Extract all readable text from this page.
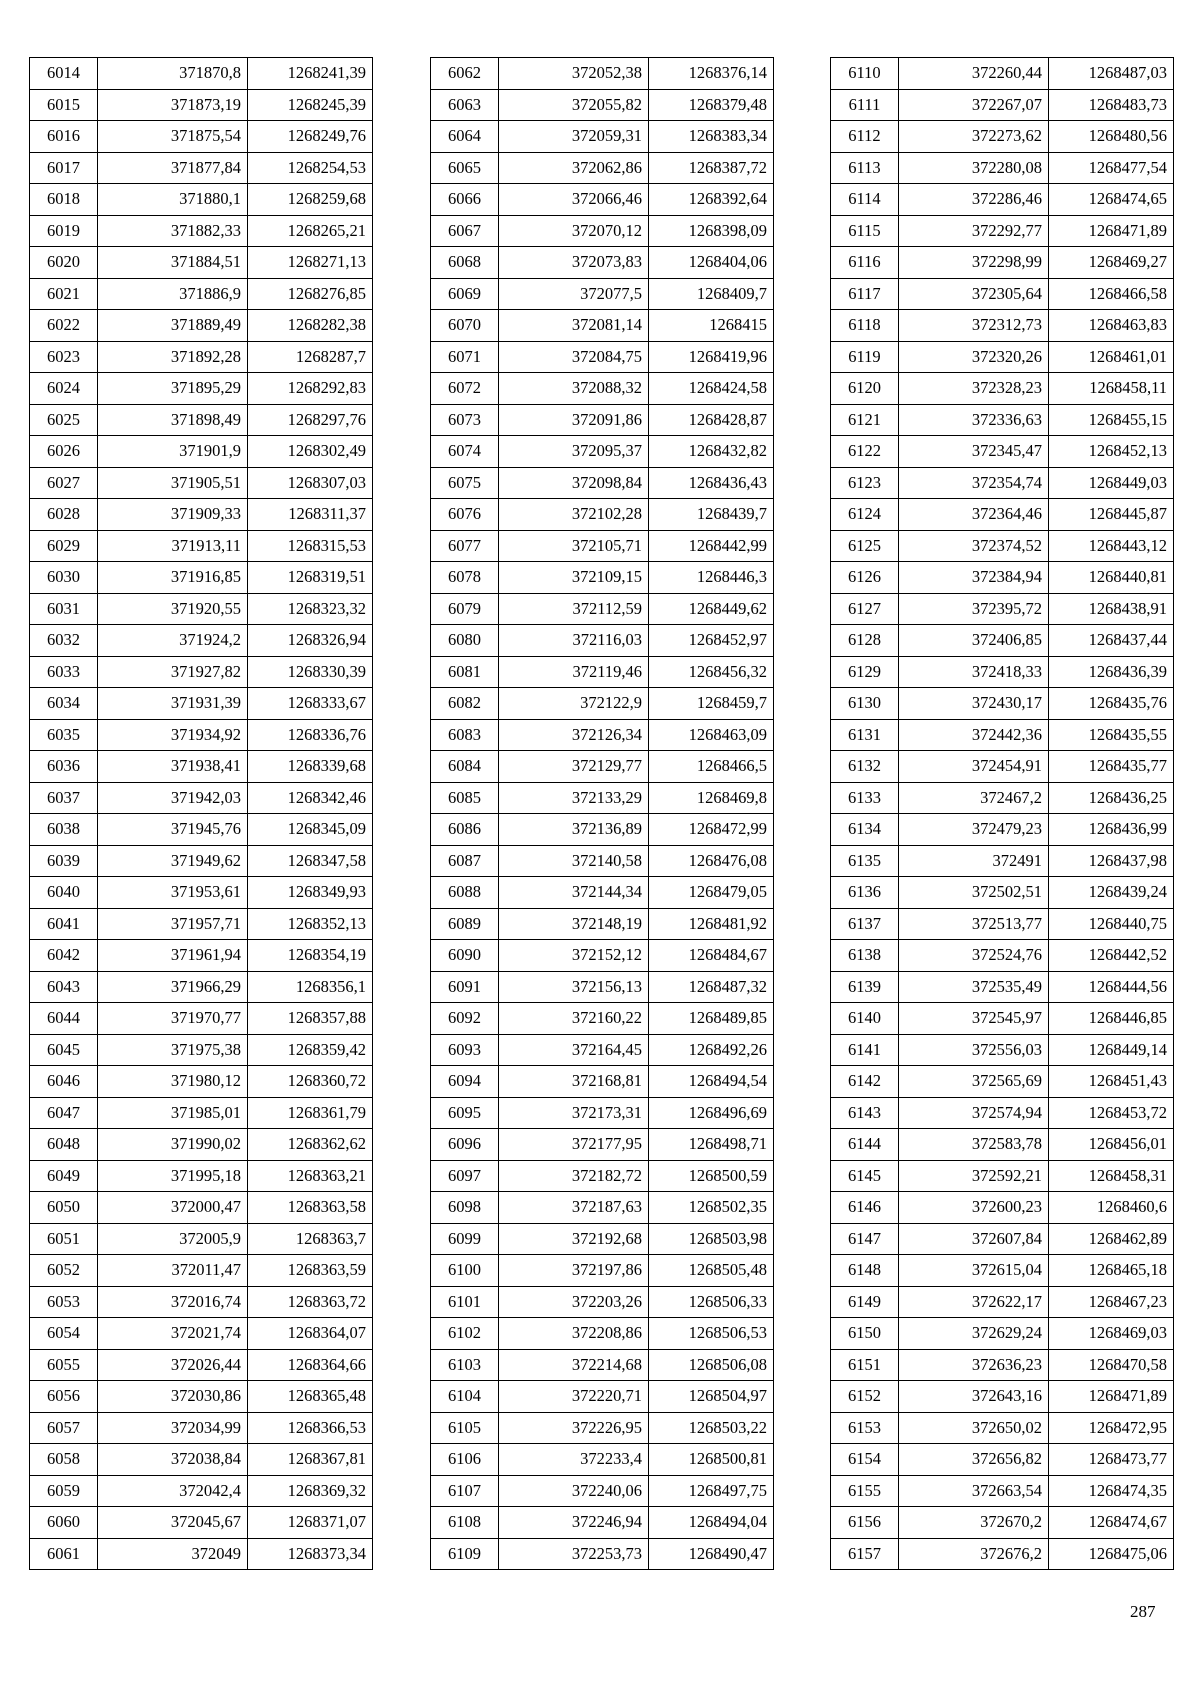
6014	371870,8	1268241,39
6015	371873,19	1268245,39
6016	371875,54	1268249,76
6017	371877,84	1268254,53
6018	371880,1	1268259,68
6019	371882,33	1268265,21
6020	371884,51	1268271,13
6021	371886,9	1268276,85
6022	371889,49	1268282,38
6023	371892,28	1268287,7
6024	371895,29	1268292,83
6025	371898,49	1268297,76
6026	371901,9	1268302,49
6027	371905,51	1268307,03
6028	371909,33	1268311,37
6029	371913,11	1268315,53
6030	371916,85	1268319,51
6031	371920,55	1268323,32
6032	371924,2	1268326,94
6033	371927,82	1268330,39
6034	371931,39	1268333,67
6035	371934,92	1268336,76
6036	371938,41	1268339,68
6037	371942,03	1268342,46
6038	371945,76	1268345,09
6039	371949,62	1268347,58
6040	371953,61	1268349,93
6041	371957,71	1268352,13
6042	371961,94	1268354,19
6043	371966,29	1268356,1
6044	371970,77	1268357,88
6045	371975,38	1268359,42
6046	371980,12	1268360,72
6047	371985,01	1268361,79
6048	371990,02	1268362,62
6049	371995,18	1268363,21
6050	372000,47	1268363,58
6051	372005,9	1268363,7
6052	372011,47	1268363,59
6053	372016,74	1268363,72
6054	372021,74	1268364,07
6055	372026,44	1268364,66
6056	372030,86	1268365,48
6057	372034,99	1268366,53
6058	372038,84	1268367,81
6059	372042,4	1268369,32
6060	372045,67	1268371,07
6061	372049	1268373,34
6062	372052,38	1268376,14
6063	372055,82	1268379,48
6064	372059,31	1268383,34
6065	372062,86	1268387,72
6066	372066,46	1268392,64
6067	372070,12	1268398,09
6068	372073,83	1268404,06
6069	372077,5	1268409,7
6070	372081,14	1268415
6071	372084,75	1268419,96
6072	372088,32	1268424,58
6073	372091,86	1268428,87
6074	372095,37	1268432,82
6075	372098,84	1268436,43
6076	372102,28	1268439,7
6077	372105,71	1268442,99
6078	372109,15	1268446,3
6079	372112,59	1268449,62
6080	372116,03	1268452,97
6081	372119,46	1268456,32
6082	372122,9	1268459,7
6083	372126,34	1268463,09
6084	372129,77	1268466,5
6085	372133,29	1268469,8
6086	372136,89	1268472,99
6087	372140,58	1268476,08
6088	372144,34	1268479,05
6089	372148,19	1268481,92
6090	372152,12	1268484,67
6091	372156,13	1268487,32
6092	372160,22	1268489,85
6093	372164,45	1268492,26
6094	372168,81	1268494,54
6095	372173,31	1268496,69
6096	372177,95	1268498,71
6097	372182,72	1268500,59
6098	372187,63	1268502,35
6099	372192,68	1268503,98
6100	372197,86	1268505,48
6101	372203,26	1268506,33
6102	372208,86	1268506,53
6103	372214,68	1268506,08
6104	372220,71	1268504,97
6105	372226,95	1268503,22
6106	372233,4	1268500,81
6107	372240,06	1268497,75
6108	372246,94	1268494,04
6109	372253,73	1268490,47
6110	372260,44	1268487,03
6111	372267,07	1268483,73
6112	372273,62	1268480,56
6113	372280,08	1268477,54
6114	372286,46	1268474,65
6115	372292,77	1268471,89
6116	372298,99	1268469,27
6117	372305,64	1268466,58
6118	372312,73	1268463,83
6119	372320,26	1268461,01
6120	372328,23	1268458,11
6121	372336,63	1268455,15
6122	372345,47	1268452,13
6123	372354,74	1268449,03
6124	372364,46	1268445,87
6125	372374,52	1268443,12
6126	372384,94	1268440,81
6127	372395,72	1268438,91
6128	372406,85	1268437,44
6129	372418,33	1268436,39
6130	372430,17	1268435,76
6131	372442,36	1268435,55
6132	372454,91	1268435,77
6133	372467,2	1268436,25
6134	372479,23	1268436,99
6135	372491	1268437,98
6136	372502,51	1268439,24
6137	372513,77	1268440,75
6138	372524,76	1268442,52
6139	372535,49	1268444,56
6140	372545,97	1268446,85
6141	372556,03	1268449,14
6142	372565,69	1268451,43
6143	372574,94	1268453,72
6144	372583,78	1268456,01
6145	372592,21	1268458,31
6146	372600,23	1268460,6
6147	372607,84	1268462,89
6148	372615,04	1268465,18
6149	372622,17	1268467,23
6150	372629,24	1268469,03
6151	372636,23	1268470,58
6152	372643,16	1268471,89
6153	372650,02	1268472,95
6154	372656,82	1268473,77
6155	372663,54	1268474,35
6156	372670,2	1268474,67
6157	372676,2	1268475,06
287
